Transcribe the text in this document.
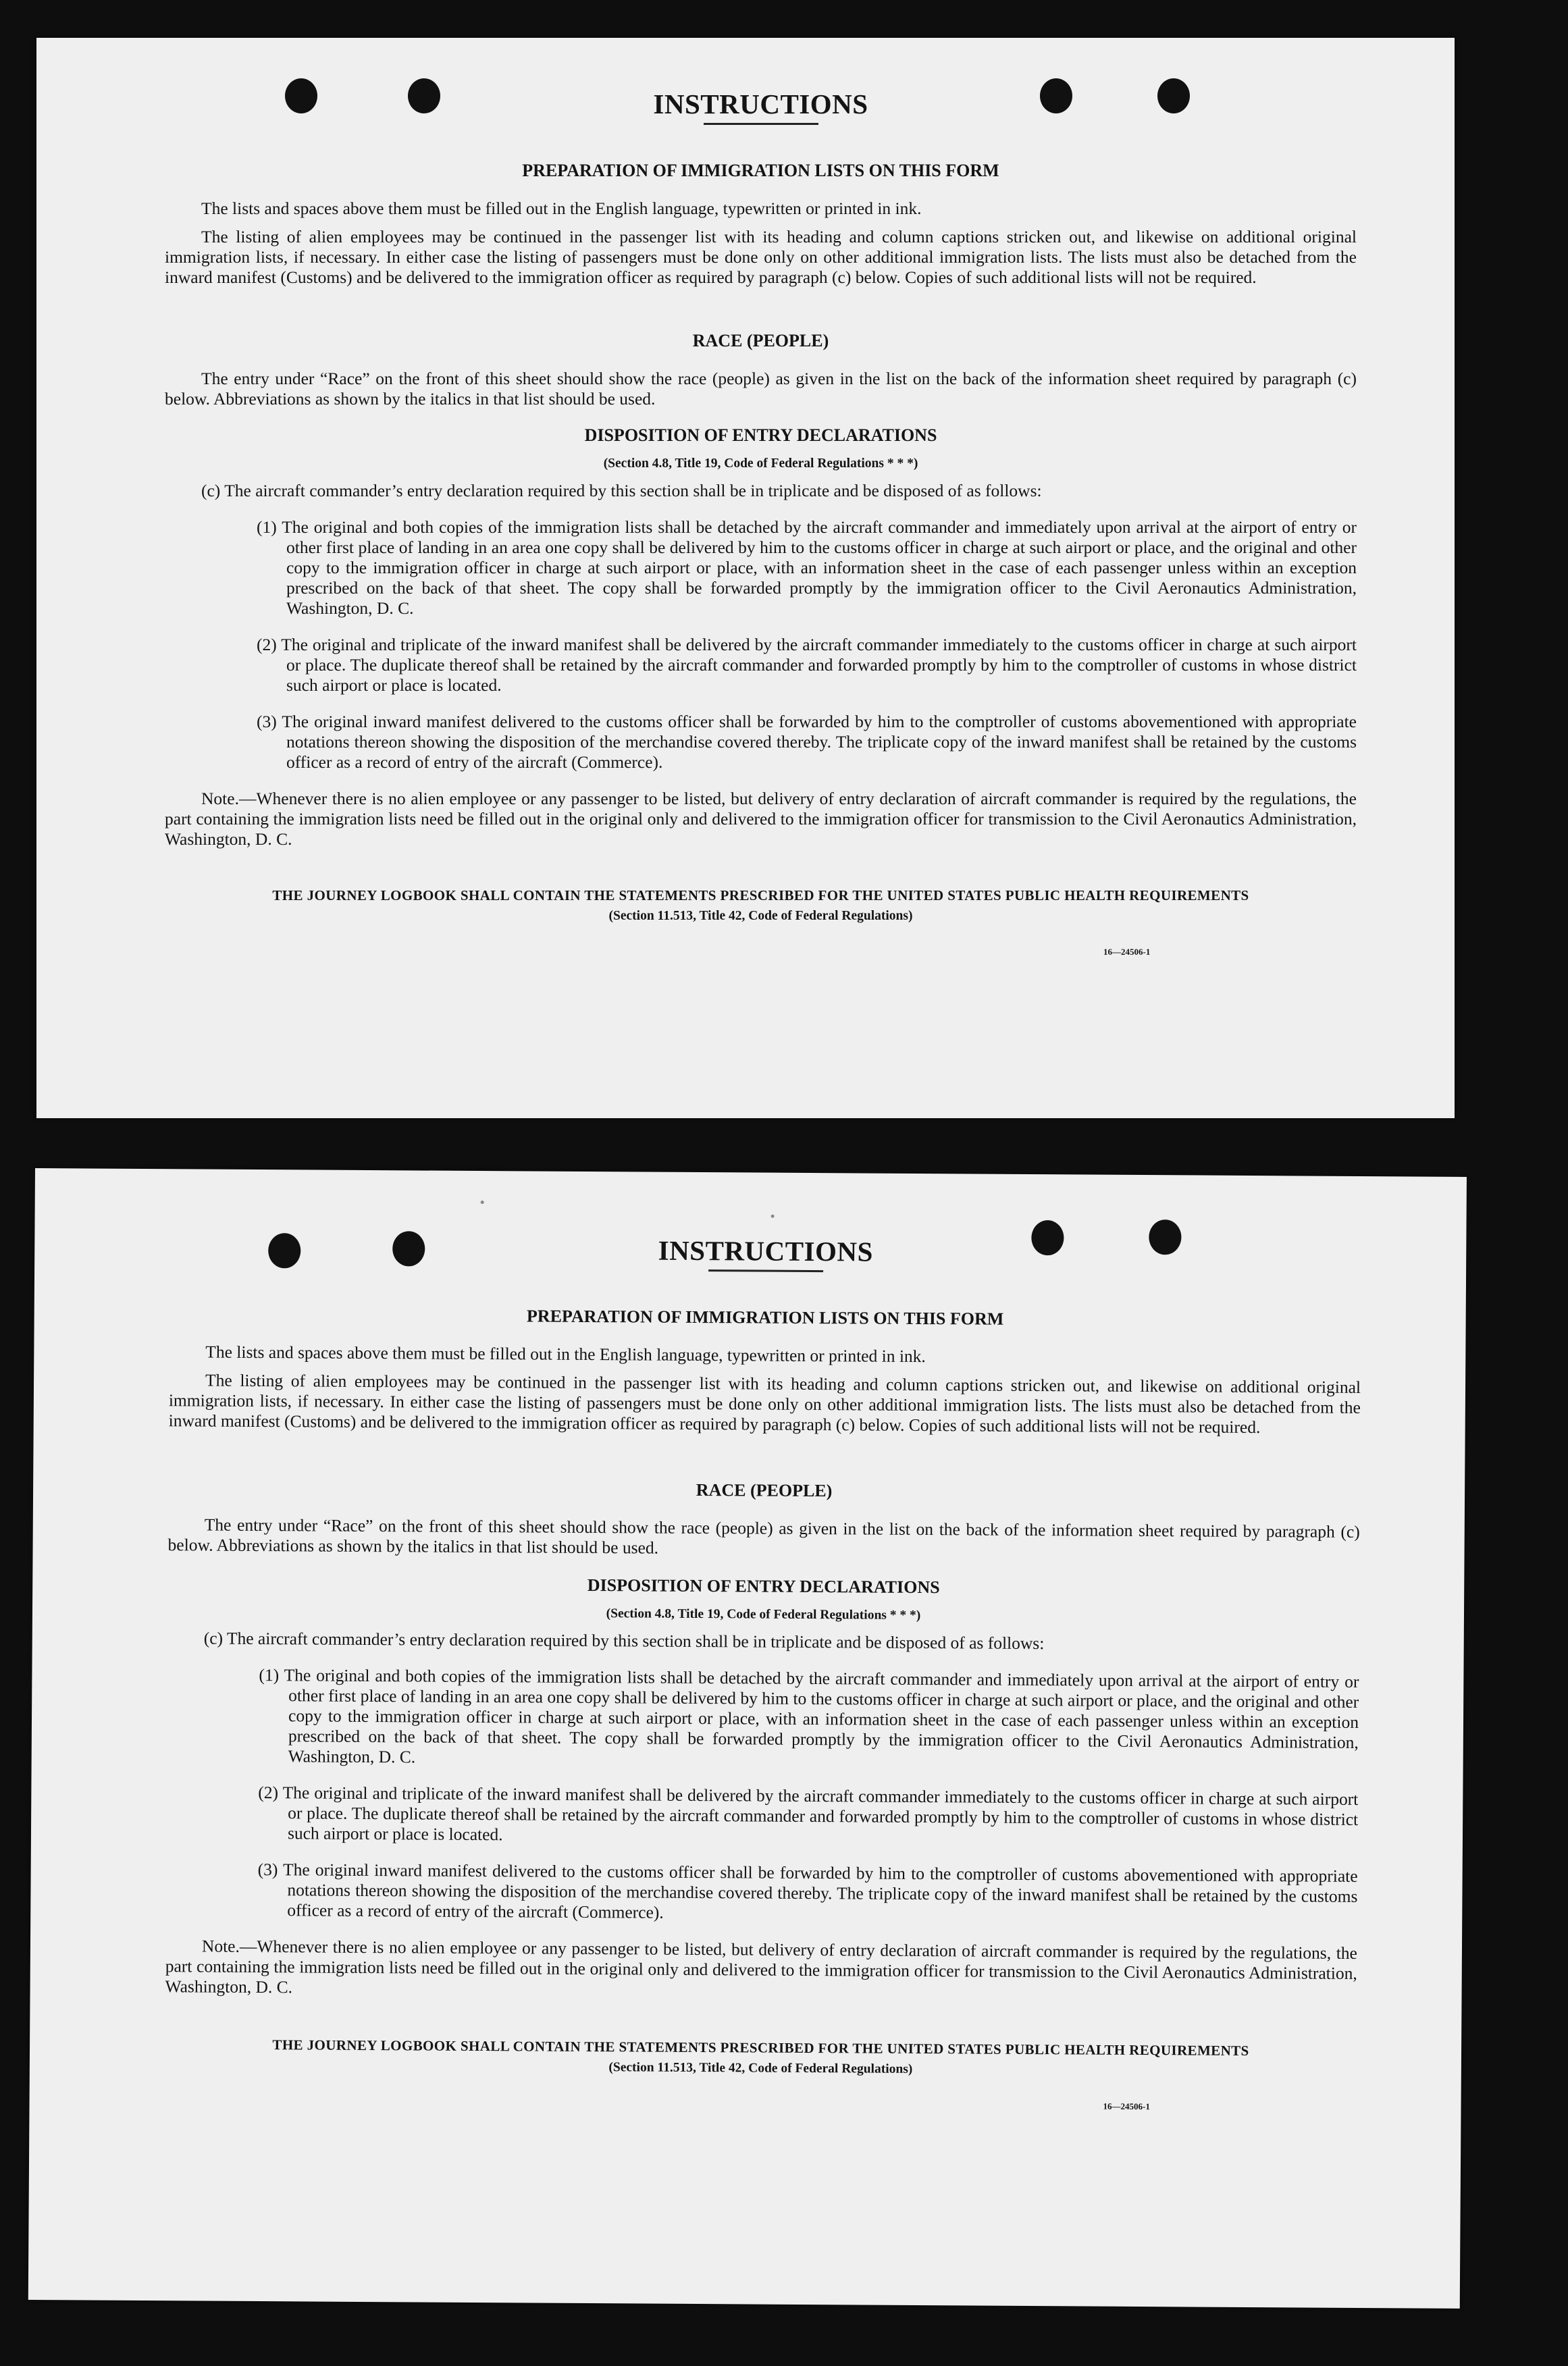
INSTRUCTIONS
PREPARATION OF IMMIGRATION LISTS ON THIS FORM

The lists and spaces above them must be filled out in the English language, typewritten or printed in ink.

The listing of alien employees may be continued in the passenger list with its heading and column captions stricken out, and likewise on additional original immigration lists, if necessary. In either case the listing of passengers must be done only on other additional immigration lists. The lists must also be detached from the inward manifest (Customs) and be delivered to the immigration officer as required by paragraph (c) below. Copies of such additional lists will not be required.

RACE (PEOPLE)

The entry under “Race” on the front of this sheet should show the race (people) as given in the list on the back of the information sheet required by paragraph (c) below. Abbreviations as shown by the italics in that list should be used.

DISPOSITION OF ENTRY DECLARATIONS
(Section 4.8, Title 19, Code of Federal Regulations * * *)

(c) The aircraft commander’s entry declaration required by this section shall be in triplicate and be disposed of as follows:

(1) The original and both copies of the immigration lists shall be detached by the aircraft commander and immediately upon arrival at the airport of entry or other first place of landing in an area one copy shall be delivered by him to the customs officer in charge at such airport or place, and the original and other copy to the immigration officer in charge at such airport or place, with an information sheet in the case of each passenger unless within an exception prescribed on the back of that sheet. The copy shall be forwarded promptly by the immigration officer to the Civil Aeronautics Administration, Washington, D. C.

(2) The original and triplicate of the inward manifest shall be delivered by the aircraft commander immediately to the customs officer in charge at such airport or place. The duplicate thereof shall be retained by the aircraft commander and forwarded promptly by him to the comptroller of customs in whose district such airport or place is located.

(3) The original inward manifest delivered to the customs officer shall be forwarded by him to the comptroller of customs abovementioned with appropriate notations thereon showing the disposition of the merchandise covered thereby. The triplicate copy of the inward manifest shall be retained by the customs officer as a record of entry of the aircraft (Commerce).

Note.—Whenever there is no alien employee or any passenger to be listed, but delivery of entry declaration of aircraft commander is required by the regulations, the part containing the immigration lists need be filled out in the original only and delivered to the immigration officer for transmission to the Civil Aeronautics Administration, Washington, D. C.

THE JOURNEY LOGBOOK SHALL CONTAIN THE STATEMENTS PRESCRIBED FOR THE UNITED STATES PUBLIC HEALTH REQUIREMENTS
(Section 11.513, Title 42, Code of Federal Regulations)
16—24506-1
INSTRUCTIONS
PREPARATION OF IMMIGRATION LISTS ON THIS FORM

The lists and spaces above them must be filled out in the English language, typewritten or printed in ink.

The listing of alien employees may be continued in the passenger list with its heading and column captions stricken out, and likewise on additional original immigration lists, if necessary. In either case the listing of passengers must be done only on other additional immigration lists. The lists must also be detached from the inward manifest (Customs) and be delivered to the immigration officer as required by paragraph (c) below. Copies of such additional lists will not be required.

RACE (PEOPLE)

The entry under “Race” on the front of this sheet should show the race (people) as given in the list on the back of the information sheet required by paragraph (c) below. Abbreviations as shown by the italics in that list should be used.

DISPOSITION OF ENTRY DECLARATIONS
(Section 4.8, Title 19, Code of Federal Regulations * * *)

(c) The aircraft commander’s entry declaration required by this section shall be in triplicate and be disposed of as follows:

(1) The original and both copies of the immigration lists shall be detached by the aircraft commander and immediately upon arrival at the airport of entry or other first place of landing in an area one copy shall be delivered by him to the customs officer in charge at such airport or place, and the original and other copy to the immigration officer in charge at such airport or place, with an information sheet in the case of each passenger unless within an exception prescribed on the back of that sheet. The copy shall be forwarded promptly by the immigration officer to the Civil Aeronautics Administration, Washington, D. C.

(2) The original and triplicate of the inward manifest shall be delivered by the aircraft commander immediately to the customs officer in charge at such airport or place. The duplicate thereof shall be retained by the aircraft commander and forwarded promptly by him to the comptroller of customs in whose district such airport or place is located.

(3) The original inward manifest delivered to the customs officer shall be forwarded by him to the comptroller of customs abovementioned with appropriate notations thereon showing the disposition of the merchandise covered thereby. The triplicate copy of the inward manifest shall be retained by the customs officer as a record of entry of the aircraft (Commerce).

Note.—Whenever there is no alien employee or any passenger to be listed, but delivery of entry declaration of aircraft commander is required by the regulations, the part containing the immigration lists need be filled out in the original only and delivered to the immigration officer for transmission to the Civil Aeronautics Administration, Washington, D. C.

THE JOURNEY LOGBOOK SHALL CONTAIN THE STATEMENTS PRESCRIBED FOR THE UNITED STATES PUBLIC HEALTH REQUIREMENTS
(Section 11.513, Title 42, Code of Federal Regulations)
16—24506-1
